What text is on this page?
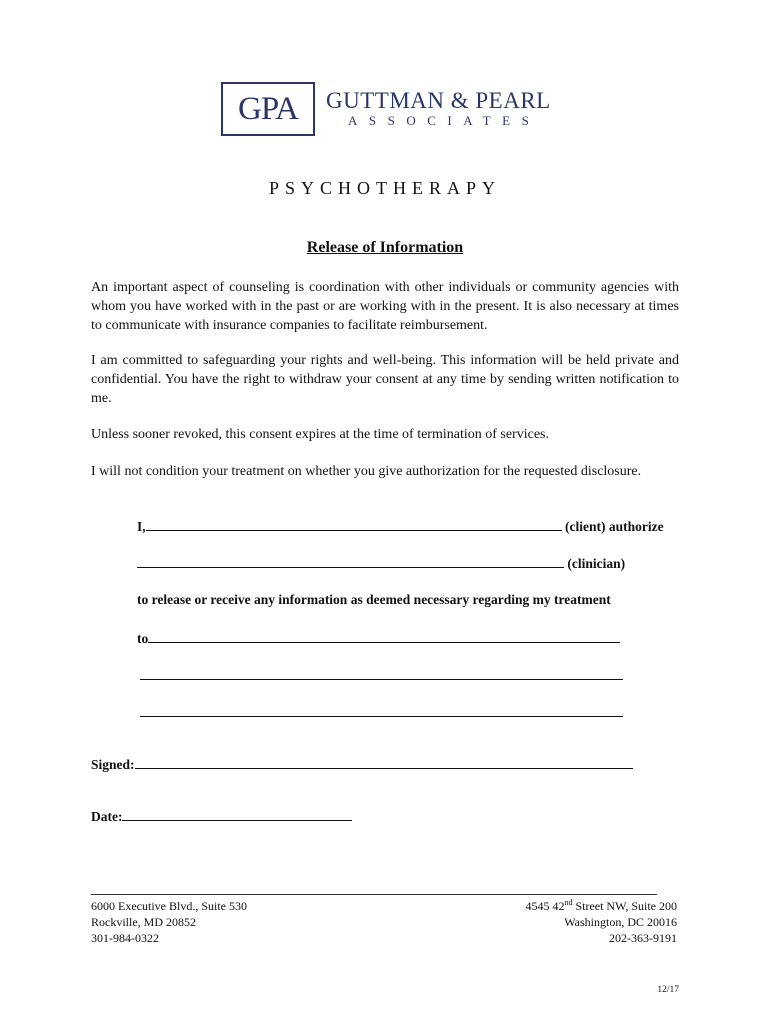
GPA	GUTTMAN & PEARL
ASSOCIATES
PSYCHOTHERAPY
Release of Information
An important aspect of counseling is coordination with other individuals or community agencies with whom you have worked with in the past or are working with in the present. It is also necessary at times to communicate with insurance companies to facilitate reimbursement.
I am committed to safeguarding your rights and well-being. This information will be held private and confidential. You have the right to withdraw your consent at any time by sending written notification to me.
Unless sooner revoked, this consent expires at the time of termination of services.
I will not condition your treatment on whether you give authorization for the requested disclosure.
I,	(client) authorize
(clinician)
to release or receive any information as deemed necessary regarding my treatment
to
Signed:
Date:
6000 Executive Blvd., Suite 530
Rockville, MD 20852
301-984-0322
4545 42nd Street NW, Suite 200
Washington, DC 20016
202-363-9191
12/17
